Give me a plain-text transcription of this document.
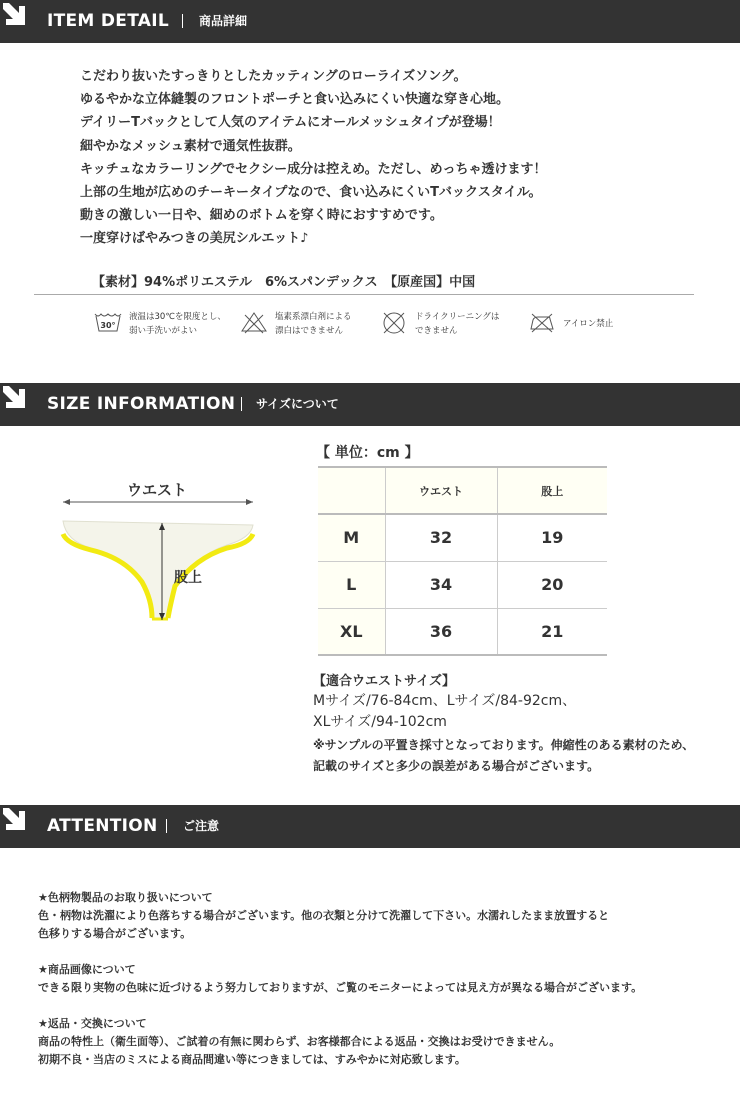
ITEM DETAIL	商品詳細
こだわり抜いたすっきりとしたカッティングのローライズソング。
ゆるやかな立体縫製のフロントポーチと食い込みにくい快適な穿き心地。
デイリーTバックとして人気のアイテムにオールメッシュタイプが登場！
細やかなメッシュ素材で通気性抜群。
キッチュなカラーリングでセクシー成分は控えめ。ただし、めっちゃ透けます！
上部の生地が広めのチーキータイプなので、食い込みにくいTバックスタイル。
動きの激しい一日や、細めのボトムを穿く時におすすめです。
一度穿けばやみつきの美尻シルエット♪
【素材】94%ポリエステル　6%スパンデックス　【原産国】中国
30°
液温は30℃を限度とし、
弱い手洗いがよい
塩素系漂白剤による
漂白はできません
ドライクリーニングは
できません
アイロン禁止
SIZE INFORMATION サイズについて
ウエスト
股上
【 単位：cm 】
	ウエスト	股上
M	32	19
L	34	20
XL	36	21
【適合ウエストサイズ】
Mサイズ/76-84cm、Lサイズ/84-92cm、
XLサイズ/94-102cm
※サンプルの平置き採寸となっております。伸縮性のある素材のため、
記載のサイズと多少の誤差がある場合がございます。
ATTENTION ご注意
★色柄物製品のお取り扱いについて
色・柄物は洗濯により色落ちする場合がございます。他の衣類と分けて洗濯して下さい。水濡れしたまま放置すると
色移りする場合がございます。
★商品画像について
できる限り実物の色味に近づけるよう努力しておりますが、ご覧のモニターによっては見え方が異なる場合がございます。
★返品・交換について
商品の特性上（衛生面等）、ご試着の有無に関わらず、お客様都合による返品・交換はお受けできません。
初期不良・当店のミスによる商品間違い等につきましては、すみやかに対応致します。
